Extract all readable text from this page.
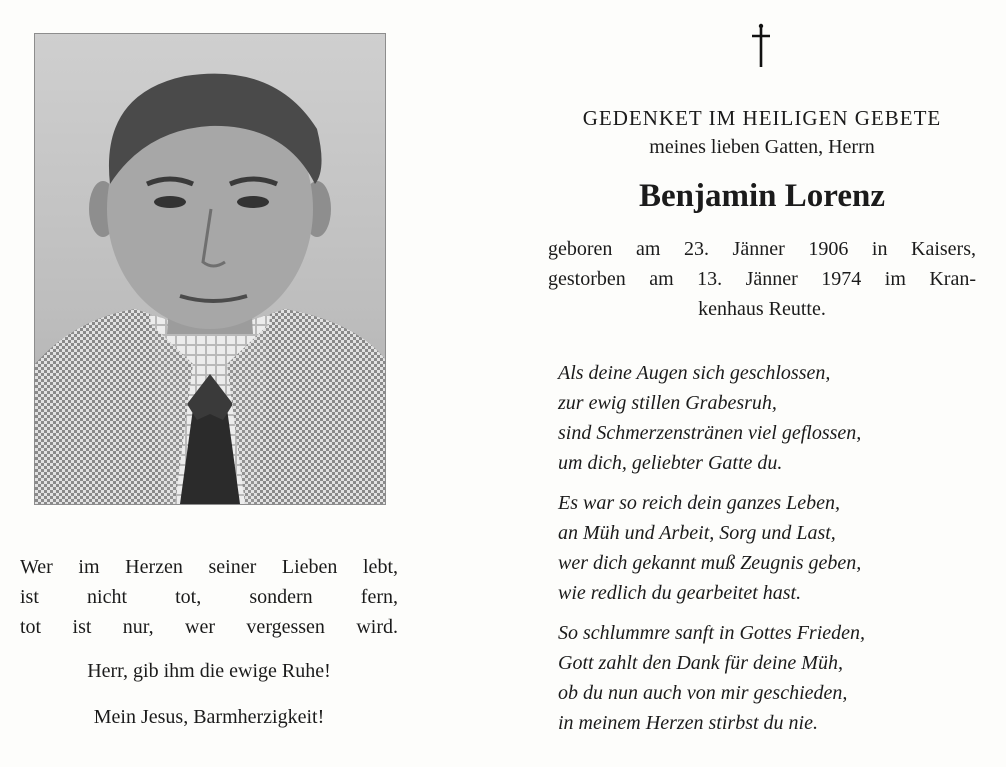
Wer im Herzen seiner Lieben lebt,
ist nicht tot, sondern fern,
tot ist nur, wer vergessen wird.
Herr, gib ihm die ewige Ruhe!
Mein Jesus, Barmherzigkeit!
GEDENKET IM HEILIGEN GEBETE
meines lieben Gatten, Herrn
Benjamin Lorenz
geboren am 23. Jänner 1906 in Kaisers,
gestorben am 13. Jänner 1974 im Kran-
kenhaus Reutte.
Als deine Augen sich geschlossen,
zur ewig stillen Grabesruh,
sind Schmerzenstränen viel geflossen,
um dich, geliebter Gatte du.
Es war so reich dein ganzes Leben,
an Müh und Arbeit, Sorg und Last,
wer dich gekannt muß Zeugnis geben,
wie redlich du gearbeitet hast.
So schlummre sanft in Gottes Frieden,
Gott zahlt den Dank für deine Müh,
ob du nun auch von mir geschieden,
in meinem Herzen stirbst du nie.
